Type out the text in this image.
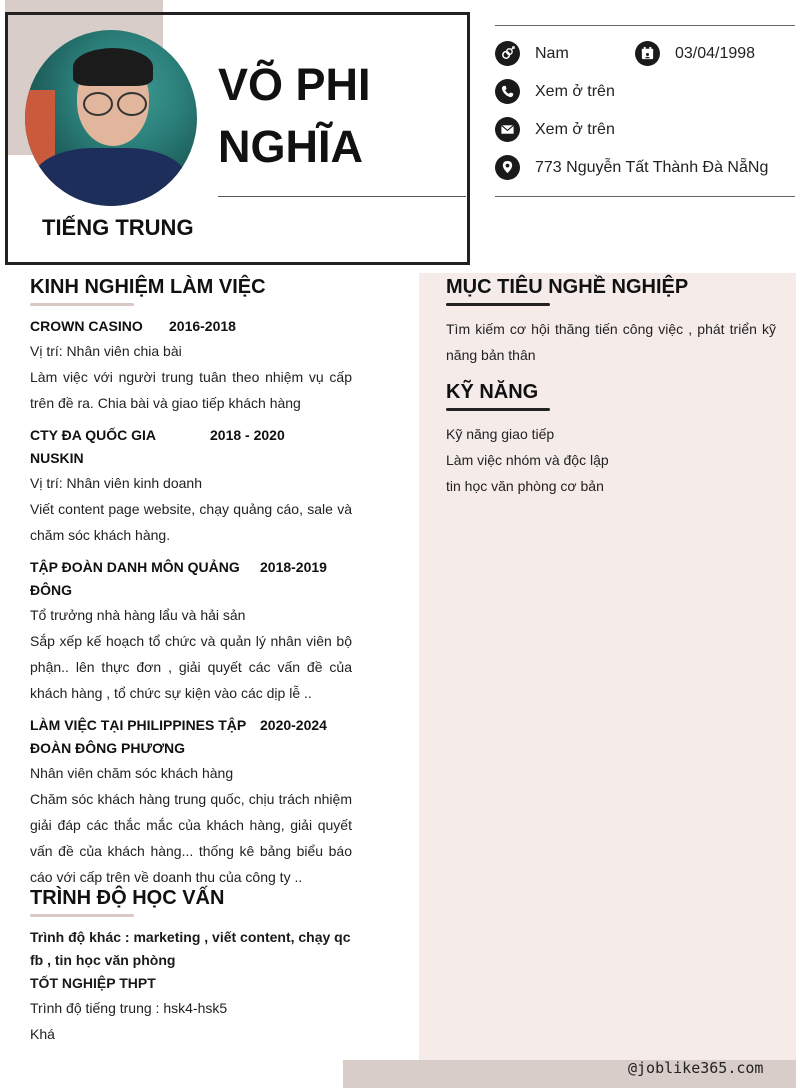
VÕ PHI
NGHĨA
TIẾNG TRUNG
Nam	03/04/1998
Xem ở trên
Xem ở trên
773 Nguyễn Tất Thành Đà NẵNg
KINH NGHIỆM LÀM VIỆC
CROWN CASINO	2016-2018

Vị trí: Nhân viên chia bài

Làm việc với người trung tuân theo nhiệm vụ cấp trên đề ra. Chia bài và giao tiếp khách hàng

CTY ĐA QUỐC GIA NUSKIN
2018 - 2020

Vị trí: Nhân viên kinh doanh

Viết content page website, chạy quảng cáo, sale và chăm sóc khách hàng.

TẬP ĐOÀN DANH MÔN QUẢNG ĐÔNG
2018-2019

Tổ trưởng nhà hàng lẩu và hải sản

Sắp xếp kế hoạch tổ chức và quản lý nhân viên bộ phận.. lên thực đơn , giải quyết các vấn đề của khách hàng , tổ chức sự kiện vào các dịp lễ ..

LÀM VIỆC TẠI PHILIPPINES TẬP ĐOÀN ĐÔNG PHƯƠNG
2020-2024

Nhân viên chăm sóc khách hàng

Chăm sóc khách hàng trung quốc, chịu trách nhiệm giải đáp các thắc mắc của khách hàng, giải quyết vấn đề của khách hàng... thống kê bảng biểu báo cáo với cấp trên về doanh thu của công ty ..

TRÌNH ĐỘ HỌC VẤN

Trình độ khác : marketing , viết content, chạy qc fb , tin học văn phòng

TỐT NGHIỆP THPT

Trình độ tiếng trung : hsk4-hsk5

Khá

MỤC TIÊU NGHỀ NGHIỆP

Tìm kiếm cơ hội thăng tiến công việc , phát triển kỹ năng bản thân

KỸ NĂNG

Kỹ năng giao tiếp

Làm việc nhóm và độc lập

tin học văn phòng cơ bản

@joblike365.com
